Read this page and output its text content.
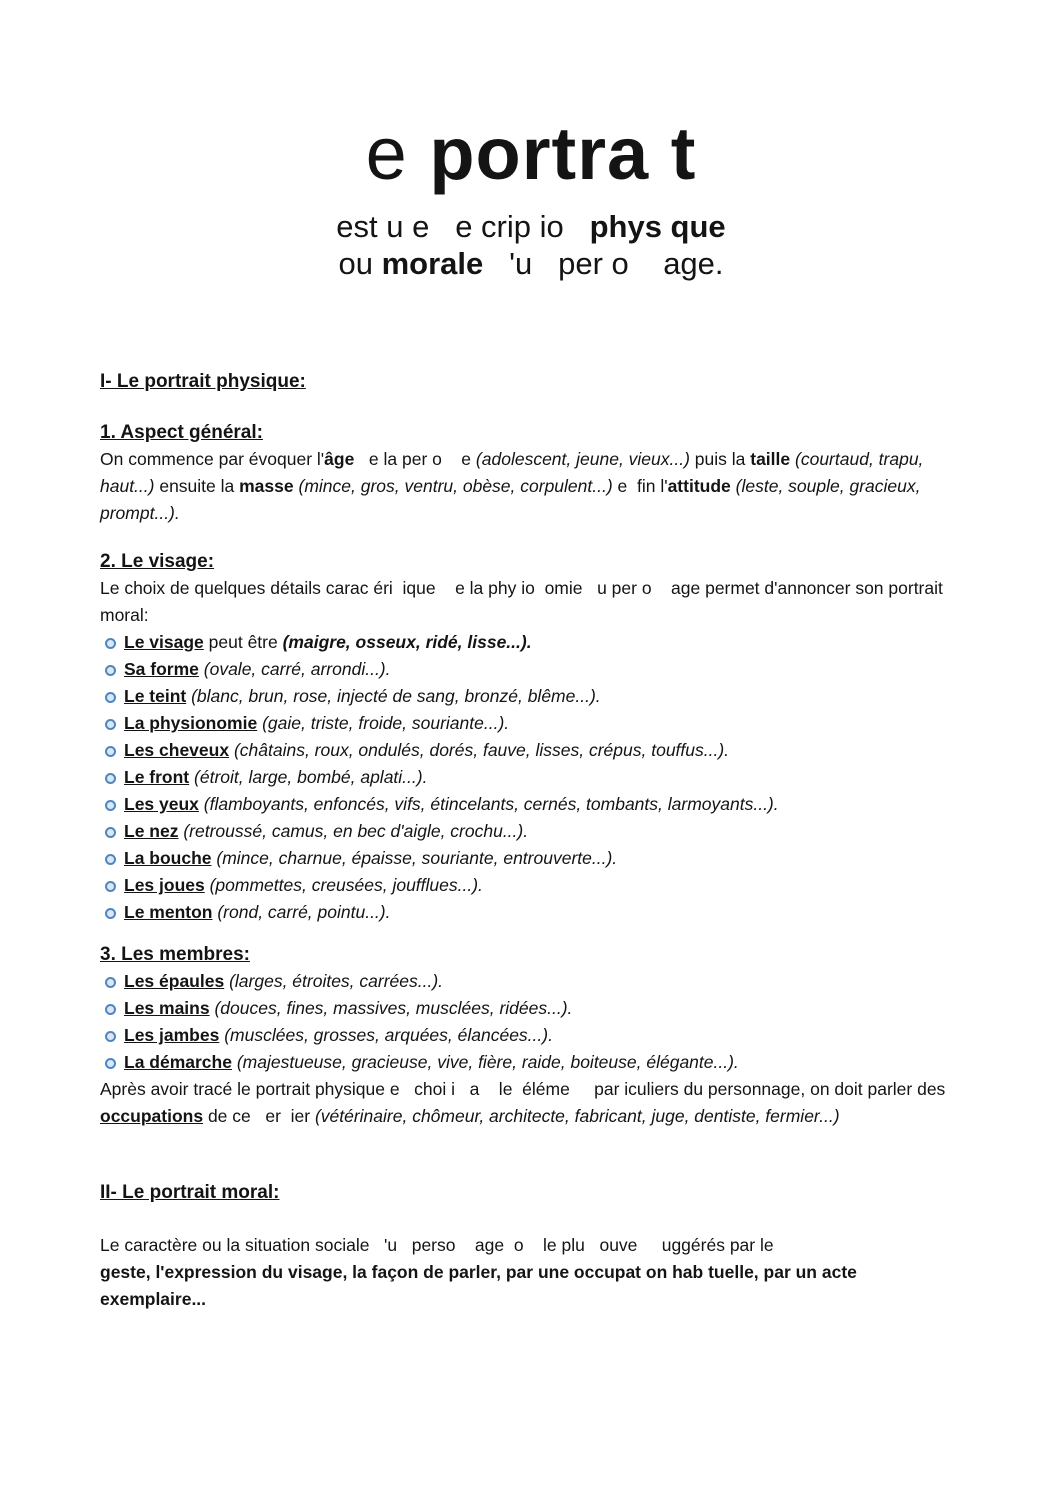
e portra t
est u e   e crip io   phys que
ou morale   'u   per o    age.
I- Le portrait physique:
1. Aspect général:

On commence par évoquer l'âge   e la per o    e (adolescent, jeune, vieux...) puis la taille (courtaud, trapu, haut...) ensuite la masse (mince, gros, ventru, obèse, corpulent...) e  fin l'attitude (leste, souple, gracieux, prompt...).

2. Le visage:

Le choix de quelques détails carac éri  ique    e la phy io  omie   u per o    age permet d'annoncer son portrait moral:

Le visage peut être (maigre, osseux, ridé, lisse...).
Sa forme (ovale, carré, arrondi...).
Le teint (blanc, brun, rose, injecté de sang, bronzé, blême...).
La physionomie (gaie, triste, froide, souriante...).
Les cheveux (châtains, roux, ondulés, dorés, fauve, lisses, crépus, touffus...).
Le front (étroit, large, bombé, aplati...).
Les yeux (flamboyants, enfoncés, vifs, étincelants, cernés, tombants, larmoyants...).
Le nez (retroussé, camus, en bec d'aigle, crochu...).
La bouche (mince, charnue, épaisse, souriante, entrouverte...).
Les joues (pommettes, creusées, joufflues...).
Le menton (rond, carré, pointu...).
3. Les membres:
Les épaules (larges, étroites, carrées...).
Les mains (douces, fines, massives, musclées, ridées...).
Les jambes (musclées, grosses, arquées, élancées...).
La démarche (majestueuse, gracieuse, vive, fière, raide, boiteuse, élégante...).

Après avoir tracé le portrait physique e   choi i   a    le  éléme     par iculiers du personnage, on doit parler des occupations de ce   er  ier (vétérinaire, chômeur, architecte, fabricant, juge, dentiste, fermier...)

II- Le portrait moral:

Le caractère ou la situation sociale   'u   perso    age  o    le plu   ouve     uggérés par le
geste, l'expression du visage, la façon de parler, par une occupat on hab tuelle, par un acte exemplaire...
